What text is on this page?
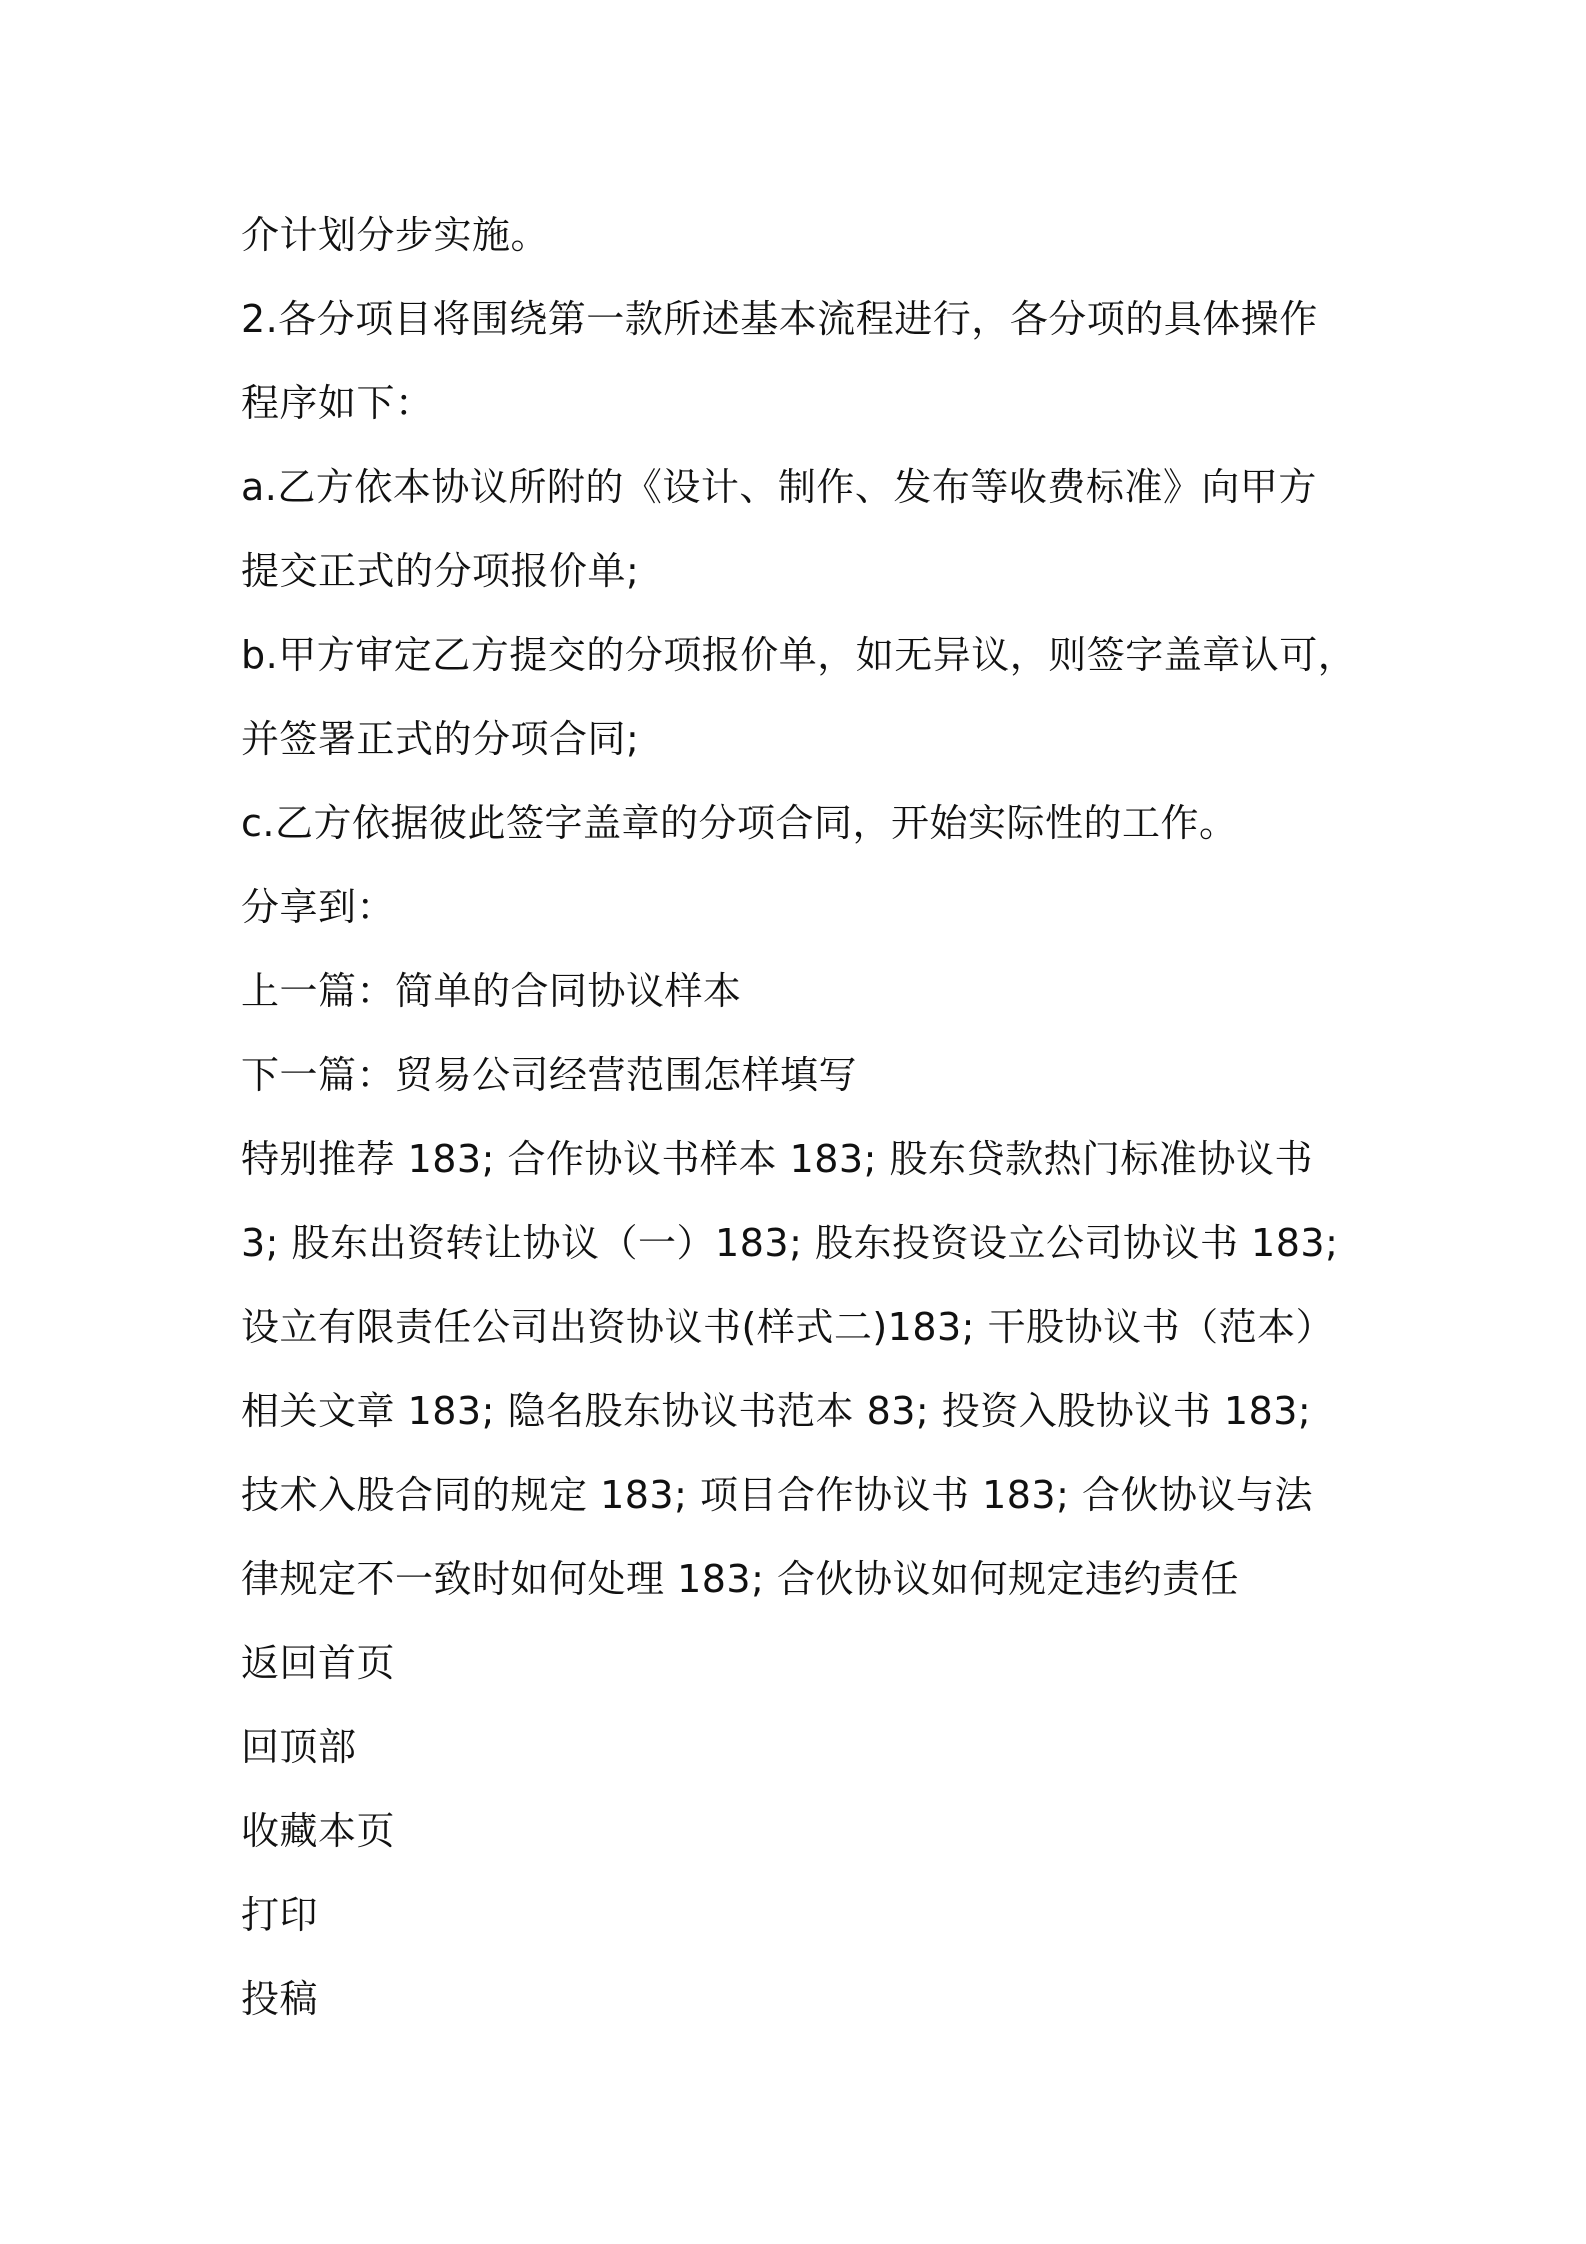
介计划分步实施。
2.各分项目将围绕第一款所述基本流程进行，各分项的具体操作
程序如下：
a.乙方依本协议所附的《设计、制作、发布等收费标准》向甲方
提交正式的分项报价单;
b.甲方审定乙方提交的分项报价单，如无异议，则签字盖章认可，
并签署正式的分项合同;
c.乙方依据彼此签字盖章的分项合同，开始实际性的工作。
分享到：
上一篇：简单的合同协议样本
下一篇：贸易公司经营范围怎样填写
特别推荐 183; 合作协议书样本 183; 股东贷款热门标准协议书
3; 股东出资转让协议（一）183; 股东投资设立公司协议书 183;
设立有限责任公司出资协议书(样式二)183; 干股协议书（范本）
相关文章 183; 隐名股东协议书范本 83; 投资入股协议书 183;
技术入股合同的规定 183; 项目合作协议书 183; 合伙协议与法
律规定不一致时如何处理 183; 合伙协议如何规定违约责任
返回首页
回顶部
收藏本页
打印
投稿
